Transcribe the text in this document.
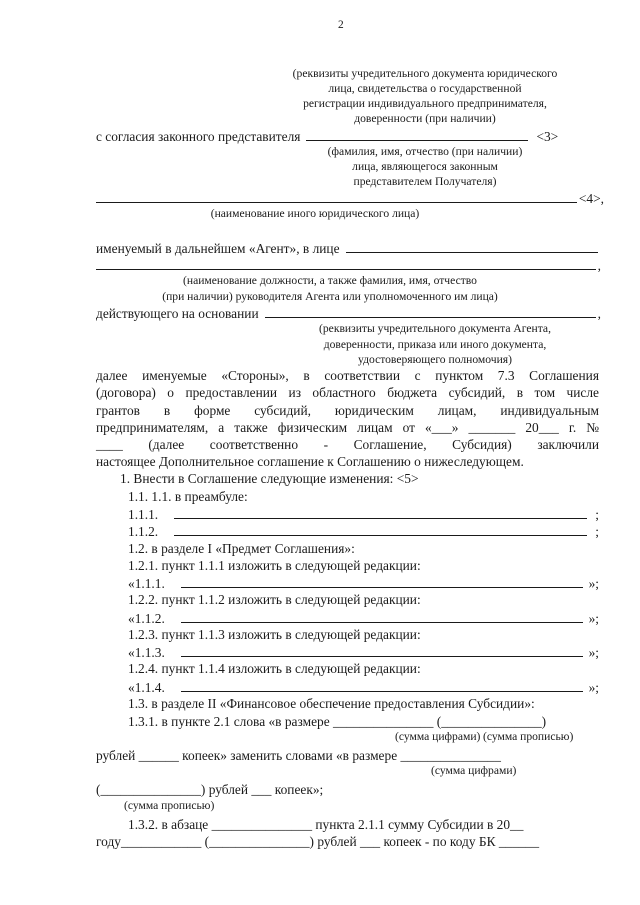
2
(реквизиты учредительного документа юридического
лица, свидетельства о государственной
регистрации индивидуального предпринимателя,
доверенности (при наличии)
с согласия законного представителя	<3>
(фамилия, имя, отчество (при наличии)
лица, являющегося законным
представителем Получателя)
<4>,
(наименование иного юридического лица)
именуемый в дальнейшем «Агент», в лице
,
(наименование должности, а также фамилия, имя, отчество
(при наличии) руководителя Агента или уполномоченного им лица)
действующего на основании	,
(реквизиты учредительного документа Агента,
доверенности, приказа или иного документа,
удостоверяющего полномочия)
далее именуемые «Стороны», в соответствии с пунктом 7.3 Соглашения
(договора) о предоставлении из областного бюджета субсидий, в том числе
грантов в форме субсидий, юридическим лицам, индивидуальным
предпринимателям, а также физическим лицам от «___» _______ 20___ г. №
____ (далее соответственно - Соглашение, Субсидия) заключили
настоящее Дополнительное соглашение к Соглашению о нижеследующем.
1. Внести в Соглашение следующие изменения: <5>
1.1. 1.1. в преамбуле:
1.1.1.	;
1.1.2.	;
1.2. в разделе I «Предмет Соглашения»:
1.2.1. пункт 1.1.1 изложить в следующей редакции:
«1.1.1.	»;
1.2.2. пункт 1.1.2 изложить в следующей редакции:
«1.1.2.	»;
1.2.3. пункт 1.1.3 изложить в следующей редакции:
«1.1.3.	»;
1.2.4. пункт 1.1.4 изложить в следующей редакции:
«1.1.4.	»;
1.3. в разделе II «Финансовое обеспечение предоставления Субсидии»:
1.3.1. в пункте 2.1 слова «в размере _______________ (_______________)
(сумма цифрами) (сумма прописью)
рублей ______ копеек» заменить словами «в размере _______________
(сумма цифрами)
(_______________) рублей ___ копеек»;
(сумма прописью)
1.3.2. в абзаце _______________ пункта 2.1.1 сумму Субсидии в 20__
году____________ (_______________) рублей ___ копеек - по коду БК ______
